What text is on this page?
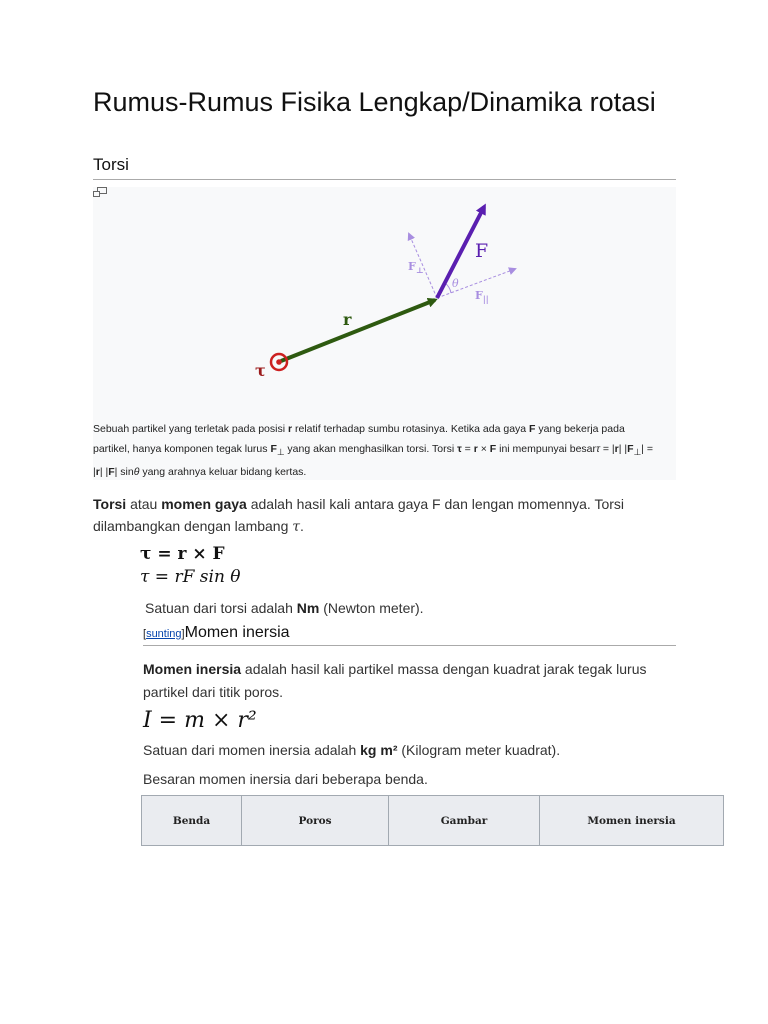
Rumus-Rumus Fisika Lengkap/Dinamika rotasi
Torsi
F
$F_\perp$
$F_{||}$
θ
r
τ
Sebuah partikel yang terletak pada posisi r relatif terhadap sumbu rotasinya. Ketika ada gaya F yang bekerja pada partikel, hanya komponen tegak lurus $F_\perp$ yang akan menghasilkan torsi. Torsi τ = r × F ini mempunyai besarτ = |r| $|F_\perp| = |r|$ |F| sinθ yang arahnya keluar bidang kertas.
Torsi atau momen gaya adalah hasil kali antara gaya F dan lengan momennya. Torsi dilambangkan dengan lambang τ.
τ = r × F
τ = rF sin θ
Satuan dari torsi adalah Nm (Newton meter).
[sunting]Momen inersia
Momen inersia adalah hasil kali partikel massa dengan kuadrat jarak tegak lurus partikel dari titik poros.
I = m × r²
Satuan dari momen inersia adalah kg m² (Kilogram meter kuadrat).
Besaran momen inersia dari beberapa benda.
Benda	Poros	Gambar	Momen inersia
